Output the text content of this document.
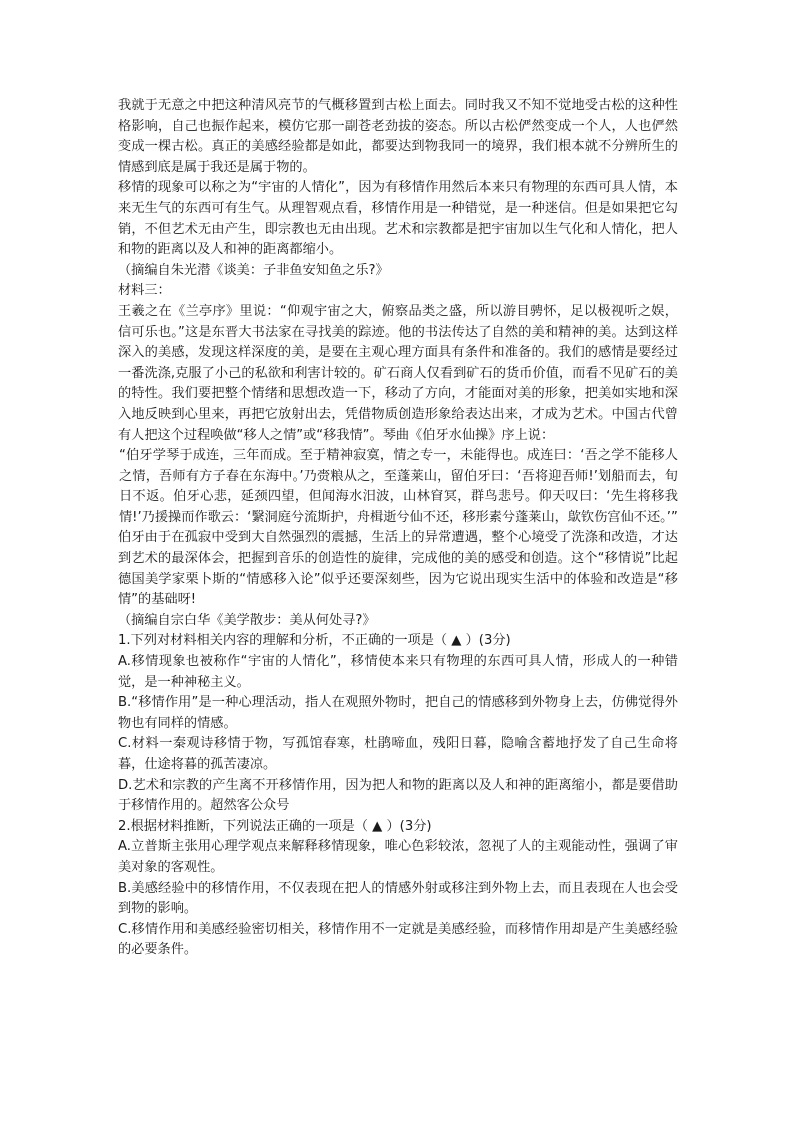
我就于无意之中把这种清风亮节的气概移置到古松上面去。同时我又不知不觉地受古松的这种性格影响，自己也振作起来，模仿它那一副苍老劲拔的姿态。所以古松俨然变成一个人，人也俨然变成一棵古松。真正的美感经验都是如此，都要达到物我同一的境界，我们根本就不分辨所生的情感到底是属于我还是属于物的。

移情的现象可以称之为“宇宙的人情化”，因为有移情作用然后本来只有物理的东西可具人情，本来无生气的东西可有生气。从理智观点看，移情作用是一种错觉，是一种迷信。但是如果把它勾销，不但艺术无由产生，即宗教也无由出现。艺术和宗教都是把宇宙加以生气化和人情化，把人和物的距离以及人和神的距离都缩小。

（摘编自朱光潜《谈美：子非鱼安知鱼之乐?》

材料三：

王羲之在《兰亭序》里说：“仰观宇宙之大，俯察品类之盛，所以游目骋怀，足以极视听之娱，信可乐也。”这是东晋大书法家在寻找美的踪迹。他的书法传达了自然的美和精神的美。达到这样深入的美感，发现这样深度的美，是要在主观心理方面具有条件和准备的。我们的感情是要经过一番洗涤,克服了小己的私欲和利害计较的。矿石商人仅看到矿石的货币价值，而看不见矿石的美的特性。我们要把整个情绪和思想改造一下，移动了方向，才能面对美的形象，把美如实地和深入地反映到心里来，再把它放射出去，凭借物质创造形象给表达出来，才成为艺术。中国古代曾有人把这个过程唤做“移人之情”或“移我情”。琴曲《伯牙水仙操》序上说：

“伯牙学琴于成连，三年而成。至于精神寂寞，情之专一，未能得也。成连曰：‘吾之学不能移人之情，吾师有方子春在东海中。’乃赍粮从之，至蓬莱山，留伯牙曰：‘吾将迎吾师!’划船而去，旬日不返。伯牙心悲，延颈四望，但闻海水汨波，山林窅冥，群鸟悲号。仰天叹曰：‘先生将移我情!’乃援操而作歌云：‘繄洞庭兮流斯护，舟楫逝兮仙不还，移形素兮蓬莱山，歍钦伤宫仙不还。’”

伯牙由于在孤寂中受到大自然强烈的震撼，生活上的异常遭遇，整个心境受了洗涤和改造，才达到艺术的最深体会，把握到音乐的创造性的旋律，完成他的美的感受和创造。这个“移情说”比起德国美学家栗卜斯的“情感移入论”似乎还要深刻些，因为它说出现实生活中的体验和改造是“移情”的基础呀!

（摘编自宗白华《美学散步：美从何处寻?》

1.下列对材料相关内容的理解和分析，不正确的一项是（ ▲ ）(3分)

A.移情现象也被称作“宇宙的人情化”，移情使本来只有物理的东西可具人情，形成人的一种错觉，是一种神秘主义。

B.“移情作用”是一种心理活动，指人在观照外物时，把自己的情感移到外物身上去，仿佛觉得外物也有同样的情感。

C.材料一秦观诗移情于物，写孤馆春寒，杜鹃啼血，残阳日暮，隐喻含蓄地抒发了自己生命将暮，仕途将暮的孤苦凄凉。

D.艺术和宗教的产生离不开移情作用，因为把人和物的距离以及人和神的距离缩小，都是要借助于移情作用的。超然客公众号

2.根据材料推断，下列说法正确的一项是（ ▲ ）(3分)

A.立普斯主张用心理学观点来解释移情现象，唯心色彩较浓，忽视了人的主观能动性，强调了审美对象的客观性。

B.美感经验中的移情作用，不仅表现在把人的情感外射或移注到外物上去，而且表现在人也会受到物的影响。

C.移情作用和美感经验密切相关，移情作用不一定就是美感经验，而移情作用却是产生美感经验的必要条件。
